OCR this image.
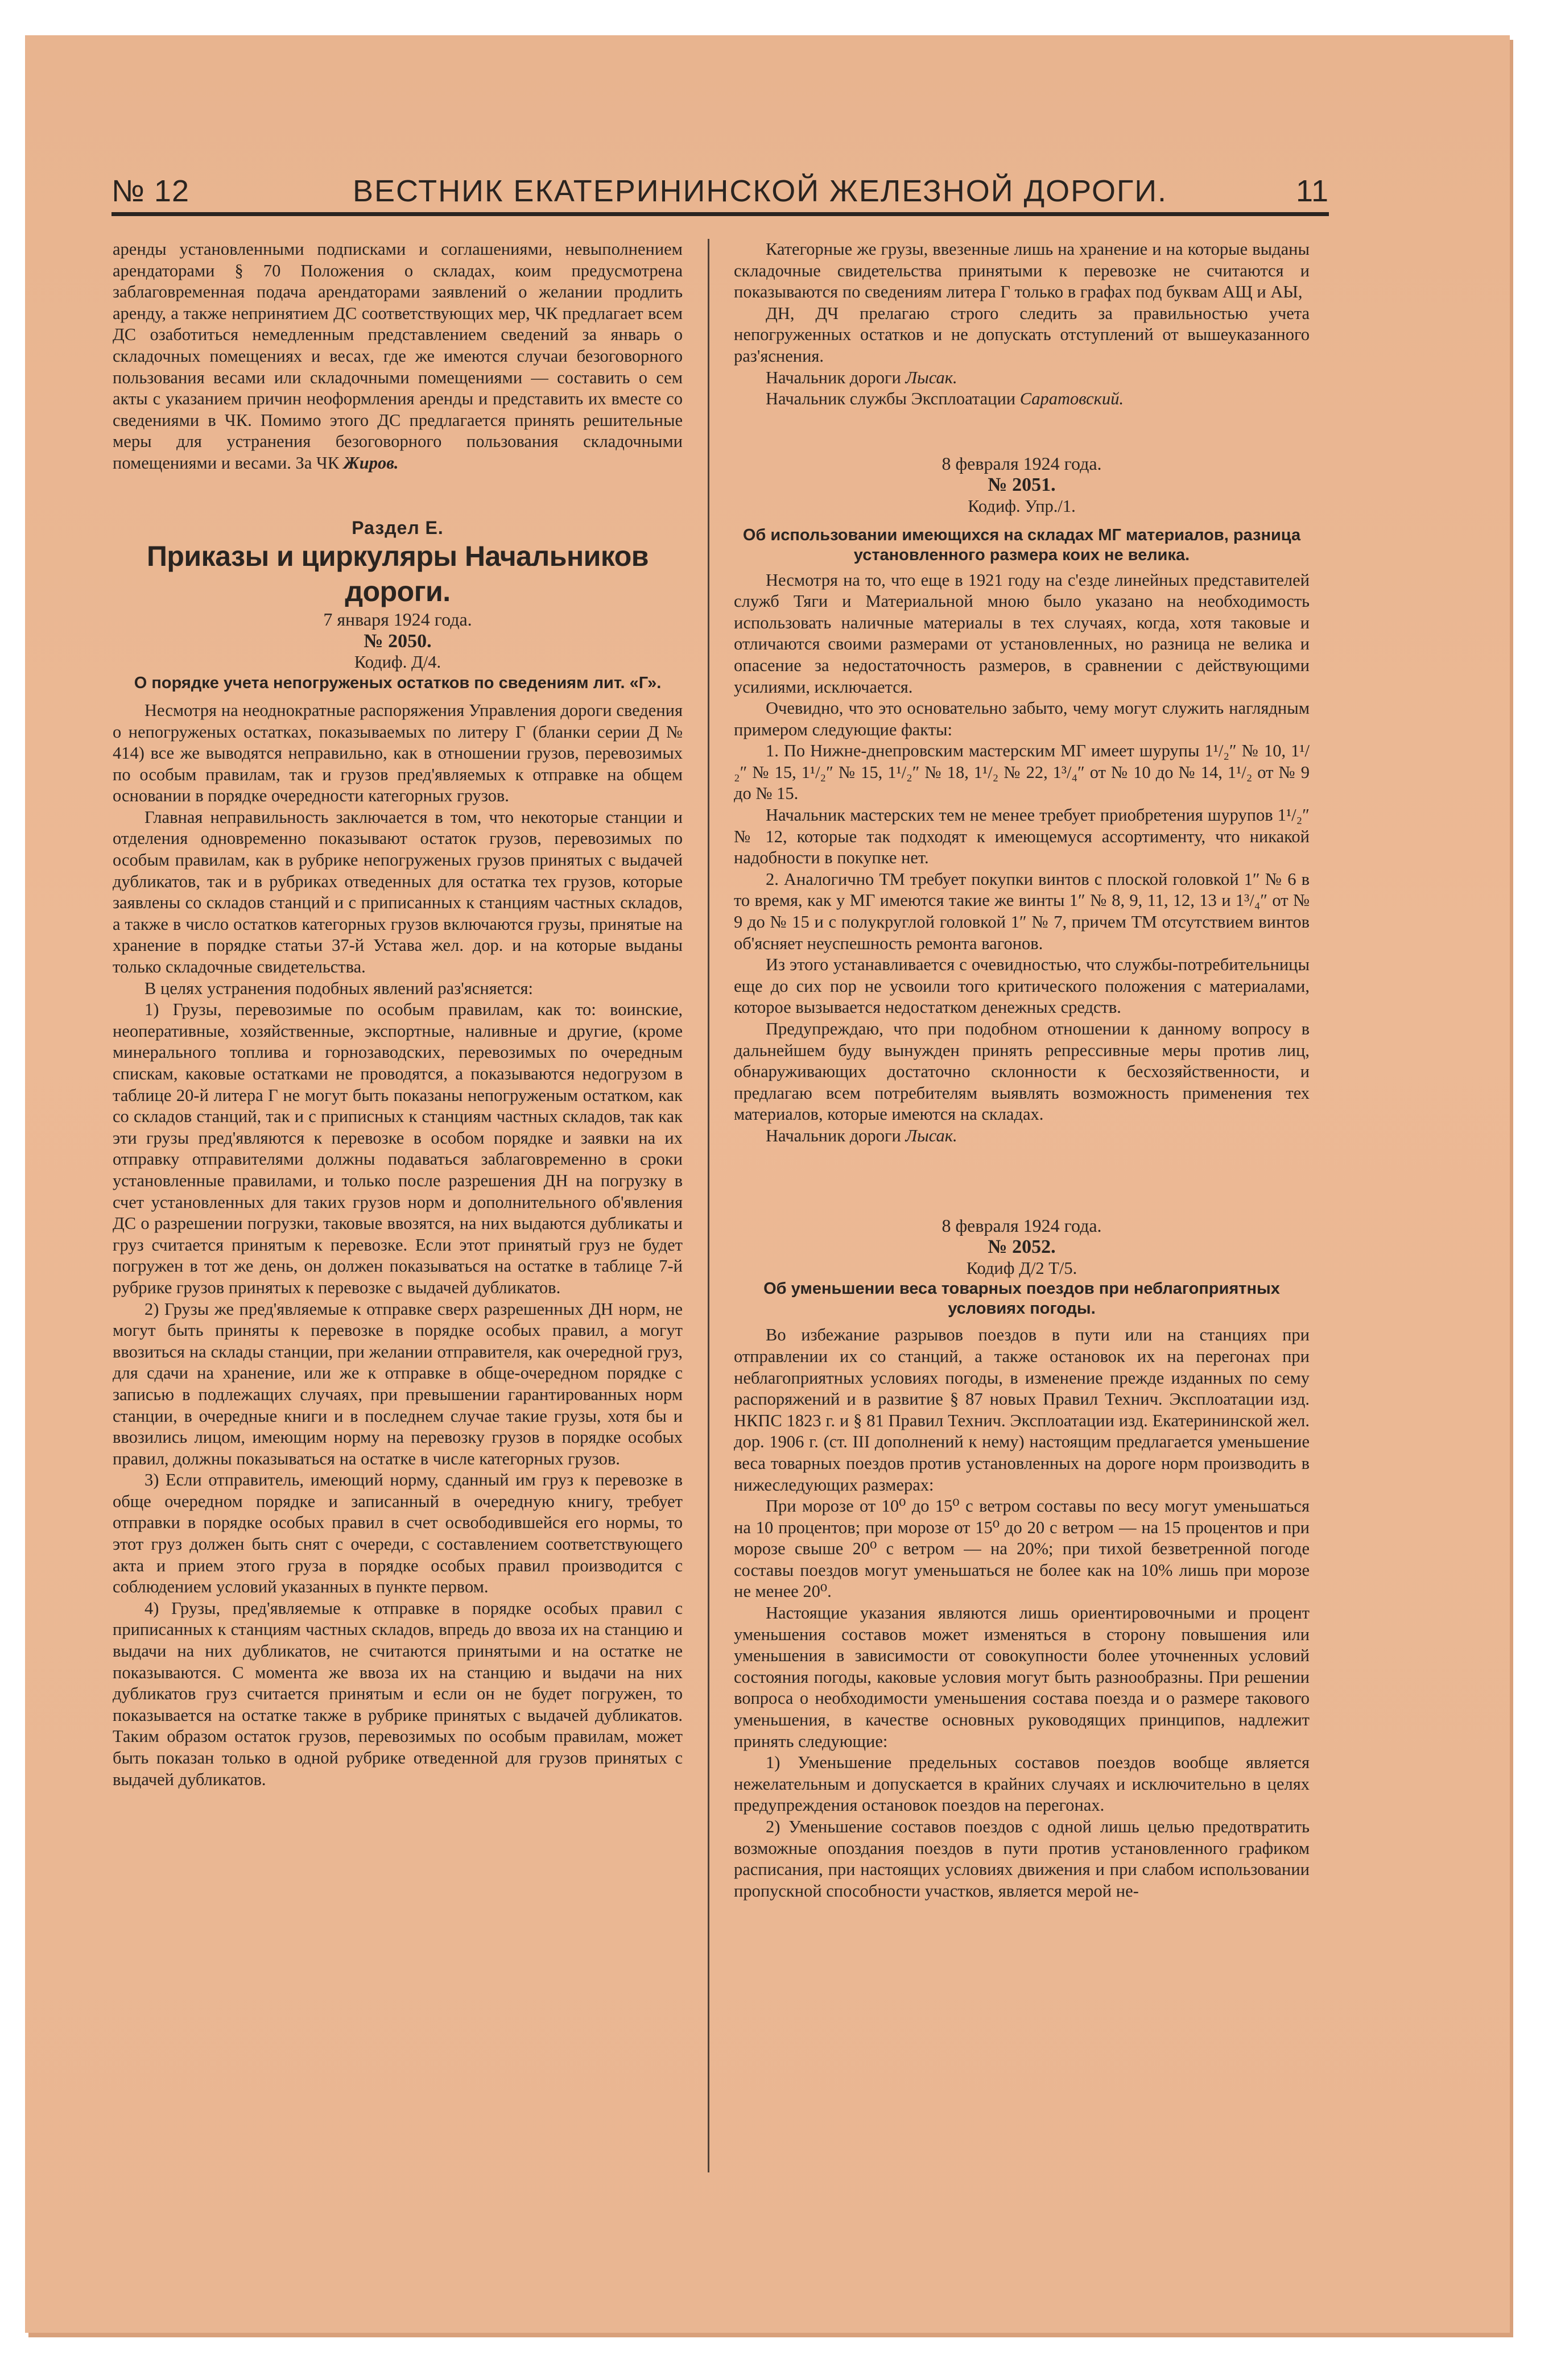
№ 12	ВЕСТНИК ЕКАТЕРИНИНСКОЙ ЖЕЛЕЗНОЙ ДОРОГИ.	11

аренды установленными подписками и соглашениями, невыполнением арендаторами § 70 Положения о складах, коим предусмотрена заблаговременная подача арендаторами заявлений о желании продлить аренду, а также непринятием ДС соответствующих мер, ЧК предлагает всем ДС озаботиться немедленным представлением сведений за январь о складочных помещениях и весах, где же имеются случаи безоговорного пользования весами или складочными помещениями — составить о сем акты с указанием причин неоформления аренды и представить их вместе со сведениями в ЧК. Помимо этого ДС предлагается принять решительные меры для устранения безоговорного пользования складочными помещениями и весами. За ЧК Жиров.

Раздел Е.

Приказы и циркуляры Начальников дороги.

7 января 1924 года.

№ 2050.

Кодиф. Д/4.

О порядке учета непогруженых остатков по сведениям лит. «Г».

Несмотря на неоднократные распоряжения Управления дороги сведения о непогруженых остатках, показываемых по литеру Г (бланки серии Д № 414) все же выводятся неправильно, как в отношении грузов, перевозимых по особым правилам, так и грузов пред'являемых к отправке на общем основании в порядке очередности категорных грузов.

Главная неправильность заключается в том, что некоторые станции и отделения одновременно показывают остаток грузов, перевозимых по особым правилам, как в рубрике непогруженых грузов принятых с выдачей дубликатов, так и в рубриках отведенных для остатка тех грузов, которые заявлены со складов станций и с приписанных к станциям частных складов, а также в число остатков категорных грузов включаются грузы, принятые на хранение в порядке статьи 37-й Устава жел. дор. и на которые выданы только складочные свидетельства.

В целях устранения подобных явлений раз'ясняется:

1) Грузы, перевозимые по особым правилам, как то: воинские, неоперативные, хозяйственные, экспортные, наливные и другие, (кроме минерального топлива и горнозаводских, перевозимых по очередным спискам, каковые остатками не проводятся, а показываются недогрузом в таблице 20-й литера Г не могут быть показаны непогруженым остатком, как со складов станций, так и с приписных к станциям частных складов, так как эти грузы пред'являются к перевозке в особом порядке и заявки на их отправку отправителями должны подаваться заблаговременно в сроки установленные правилами, и только после разрешения ДН на погрузку в счет установленных для таких грузов норм и дополнительного об'явления ДС о разрешении погрузки, таковые ввозятся, на них выдаются дубликаты и груз считается принятым к перевозке. Если этот принятый груз не будет погружен в тот же день, он должен показываться на остатке в таблице 7-й рубрике грузов принятых к перевозке с выдачей дубликатов.

2) Грузы же пред'являемые к отправке сверх разрешенных ДН норм, не могут быть приняты к перевозке в порядке особых правил, а могут ввозиться на склады станции, при желании отправителя, как очередной груз, для сдачи на хранение, или же к отправке в обще-очередном порядке с записью в подлежащих случаях, при превышении гарантированных норм станции, в очередные книги и в последнем случае такие грузы, хотя бы и ввозились лицом, имеющим норму на перевозку грузов в порядке особых правил, должны показываться на остатке в числе категорных грузов.

3) Если отправитель, имеющий норму, сданный им груз к перевозке в обще очередном порядке и записанный в очередную книгу, требует отправки в порядке особых правил в счет освободившейся его нормы, то этот груз должен быть снят с очереди, с составлением соответствующего акта и прием этого груза в порядке особых правил производится с соблюдением условий указанных в пункте первом.

4) Грузы, пред'являемые к отправке в порядке особых правил с приписанных к станциям частных складов, впредь до ввоза их на станцию и выдачи на них дубликатов, не считаются принятыми и на остатке не показываются. С момента же ввоза их на станцию и выдачи на них дубликатов груз считается принятым и если он не будет погружен, то показывается на остатке также в рубрике принятых с выдачей дубликатов. Таким образом остаток грузов, перевозимых по особым правилам, может быть показан только в одной рубрике отведенной для грузов принятых с выдачей дубликатов.

Категорные же грузы, ввезенные лишь на хранение и на которые выданы складочные свидетельства принятыми к перевозке не считаются и показываются по сведениям литера Г только в графах под буквам АЩ и АЫ,

ДН, ДЧ прелагаю строго следить за правильностью учета непогруженных остатков и не допускать отступлений от вышеуказанного раз'яснения.

Начальник дороги Лысак.

Начальник службы Эксплоатации Саратовский.

8 февраля 1924 года.

№ 2051.

Кодиф. Упр./1.

Об использовании имеющихся на складах МГ материалов, разница установленного размера коих не велика.

Несмотря на то, что еще в 1921 году на с'езде линейных представителей служб Тяги и Материальной мною было указано на необходимость использовать наличные материалы в тех случаях, когда, хотя таковые и отличаются своими размерами от установленных, но разница не велика и опасение за недостаточность размеров, в сравнении с действующими усилиями, исключается.

Очевидно, что это основательно забыто, чему могут служить наглядным примером следующие факты:

1. По Нижне-днепровским мастерским МГ имеет шурупы 1¹/₂″ № 10, 1¹/₂″ № 15, 1¹/₂″ № 15, 1¹/₂″ № 18, 1¹/₂ № 22, 1³/₄″ от № 10 до № 14, 1¹/₂ от № 9 до № 15.

Начальник мастерских тем не менее требует приобретения шурупов 1¹/₂″ № 12, которые так подходят к имеющемуся ассортименту, что никакой надобности в покупке нет.

2. Аналогично ТМ требует покупки винтов с плоской головкой 1″ № 6 в то время, как у МГ имеются такие же винты 1″ № 8, 9, 11, 12, 13 и 1³/₄″ от № 9 до № 15 и с полукруглой головкой 1″ № 7, причем ТМ отсутствием винтов об'ясняет неуспешность ремонта вагонов.

Из этого устанавливается с очевидностью, что службы-потребительницы еще до сих пор не усвоили того критического положения с материалами, которое вызывается недостатком денежных средств.

Предупреждаю, что при подобном отношении к данному вопросу в дальнейшем буду вынужден принять репрессивные меры против лиц, обнаруживающих достаточно склонности к бесхозяйственности, и предлагаю всем потребителям выявлять возможность применения тех материалов, которые имеются на складах.

Начальник дороги Лысак.

8 февраля 1924 года.

№ 2052.

Кодиф Д/2 Т/5.

Об уменьшении веса товарных поездов при неблагоприятных условиях погоды.

Во избежание разрывов поездов в пути или на станциях при отправлении их со станций, а также остановок их на перегонах при неблагоприятных условиях погоды, в изменение прежде изданных по сему распоряжений и в развитие § 87 новых Правил Технич. Эксплоатации изд. НКПС 1823 г. и § 81 Правил Технич. Эксплоатации изд. Екатерининской жел. дор. 1906 г. (ст. III дополнений к нему) настоящим предлагается уменьшение веса товарных поездов против установленных на дороге норм производить в нижеследующих размерах:

При морозе от 10⁰ до 15⁰ с ветром составы по весу могут уменьшаться на 10 процентов; при морозе от 15⁰ до 20 с ветром — на 15 процентов и при морозе свыше 20⁰ с ветром — на 20%; при тихой безветренной погоде составы поездов могут уменьшаться не более как на 10% лишь при морозе не менее 20⁰.

Настоящие указания являются лишь ориентировочными и процент уменьшения составов может изменяться в сторону повышения или уменьшения в зависимости от совокупности более уточненных условий состояния погоды, каковые условия могут быть разнообразны. При решении вопроса о необходимости уменьшения состава поезда и о размере такового уменьшения, в качестве основных руководящих принципов, надлежит принять следующие:

1) Уменьшение предельных составов поездов вообще является нежелательным и допускается в крайних случаях и исключительно в целях предупреждения остановок поездов на перегонах.

2) Уменьшение составов поездов с одной лишь целью предотвратить возможные опоздания поездов в пути против установленного графиком расписания, при настоящих условиях движения и при слабом использовании пропускной способности участков, является мерой не-
